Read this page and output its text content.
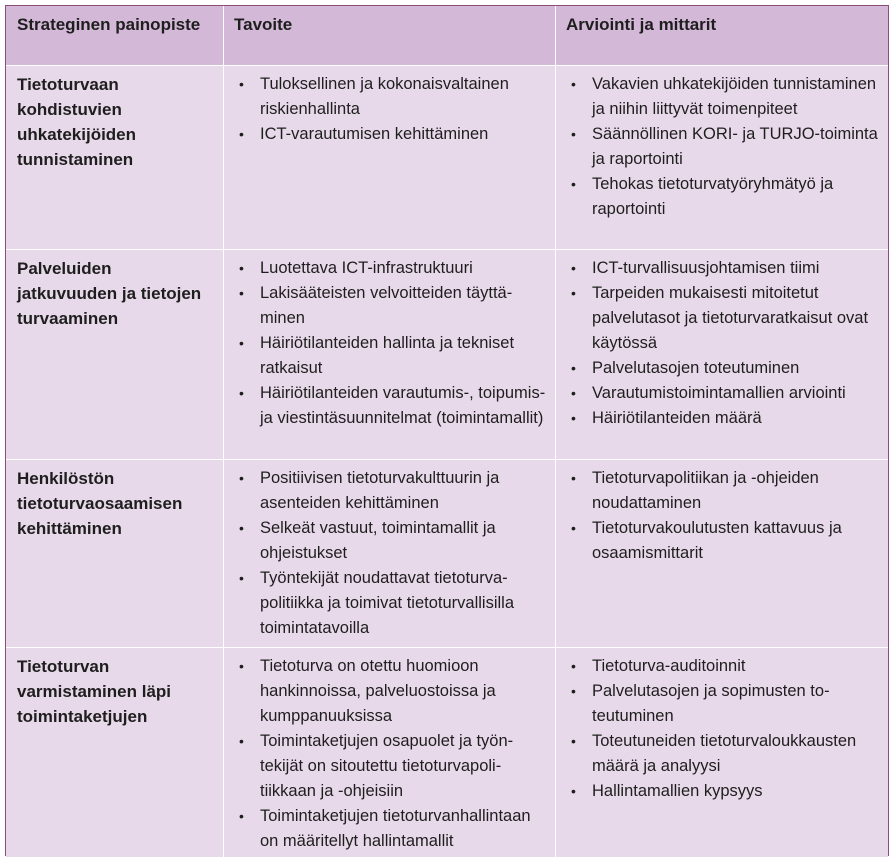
Strateginen painopiste	Tavoite	Arviointi ja mittarit
Tietoturvaan kohdistuvien uhkatekijöiden tunnistaminen
• Tuloksellinen ja kokonaisvaltainen riskienhallinta
• ICT-varautumisen kehittäminen
• Vakavien uhkatekijöiden tunnistaminen ja niihin liittyvät toimenpiteet
• Säännöllinen KORI- ja TURJO-toiminta ja raportointi
• Tehokas tietoturvatyöryhmätyö ja raportointi
Palveluiden jatkuvuuden ja tietojen turvaaminen
• Luotettava ICT-infrastruktuuri
• Lakisääteisten velvoitteiden täyttäminen
• Häiriötilanteiden hallinta ja tekniset ratkaisut
• Häiriötilanteiden varautumis-, toipumis- ja viestintäsuunnitelmat (toimintamallit)
• ICT-turvallisuusjohtamisen tiimi
• Tarpeiden mukaisesti mitoitetut palvelutasot ja tietoturvaratkaisut ovat käytössä
• Palvelutasojen toteutuminen
• Varautumistoimintamallien arviointi
• Häiriötilanteiden määrä
Henkilöstön tietoturvaosaamisen kehittäminen
• Positiivisen tietoturvakulttuurin ja asenteiden kehittäminen
• Selkeät vastuut, toimintamallit ja ohjeistukset
• Työntekijät noudattavat tietoturvapolitiikka ja toimivat tietoturvallisilla toimintatavoilla
• Tietoturvapolitiikan ja -ohjeiden noudattaminen
• Tietoturvakoulutusten kattavuus ja osaamismittarit
Tietoturvan varmistaminen läpi toimintaketjujen
• Tietoturva on otettu huomioon hankinnoissa, palveluostoissa ja kumppanuuksissa
• Toimintaketjujen osapuolet ja työntekijät on sitoutettu tietoturvapolitiikkaan ja -ohjeisiin
• Toimintaketjujen tietoturvanhallintaan on määritellyt hallintamallit
• Tietoturva-auditoinnit
• Palvelutasojen ja sopimusten toteutuminen
• Toteutuneiden tietoturvaloukkausten määrä ja analyysi
• Hallintamallien kypsyys
